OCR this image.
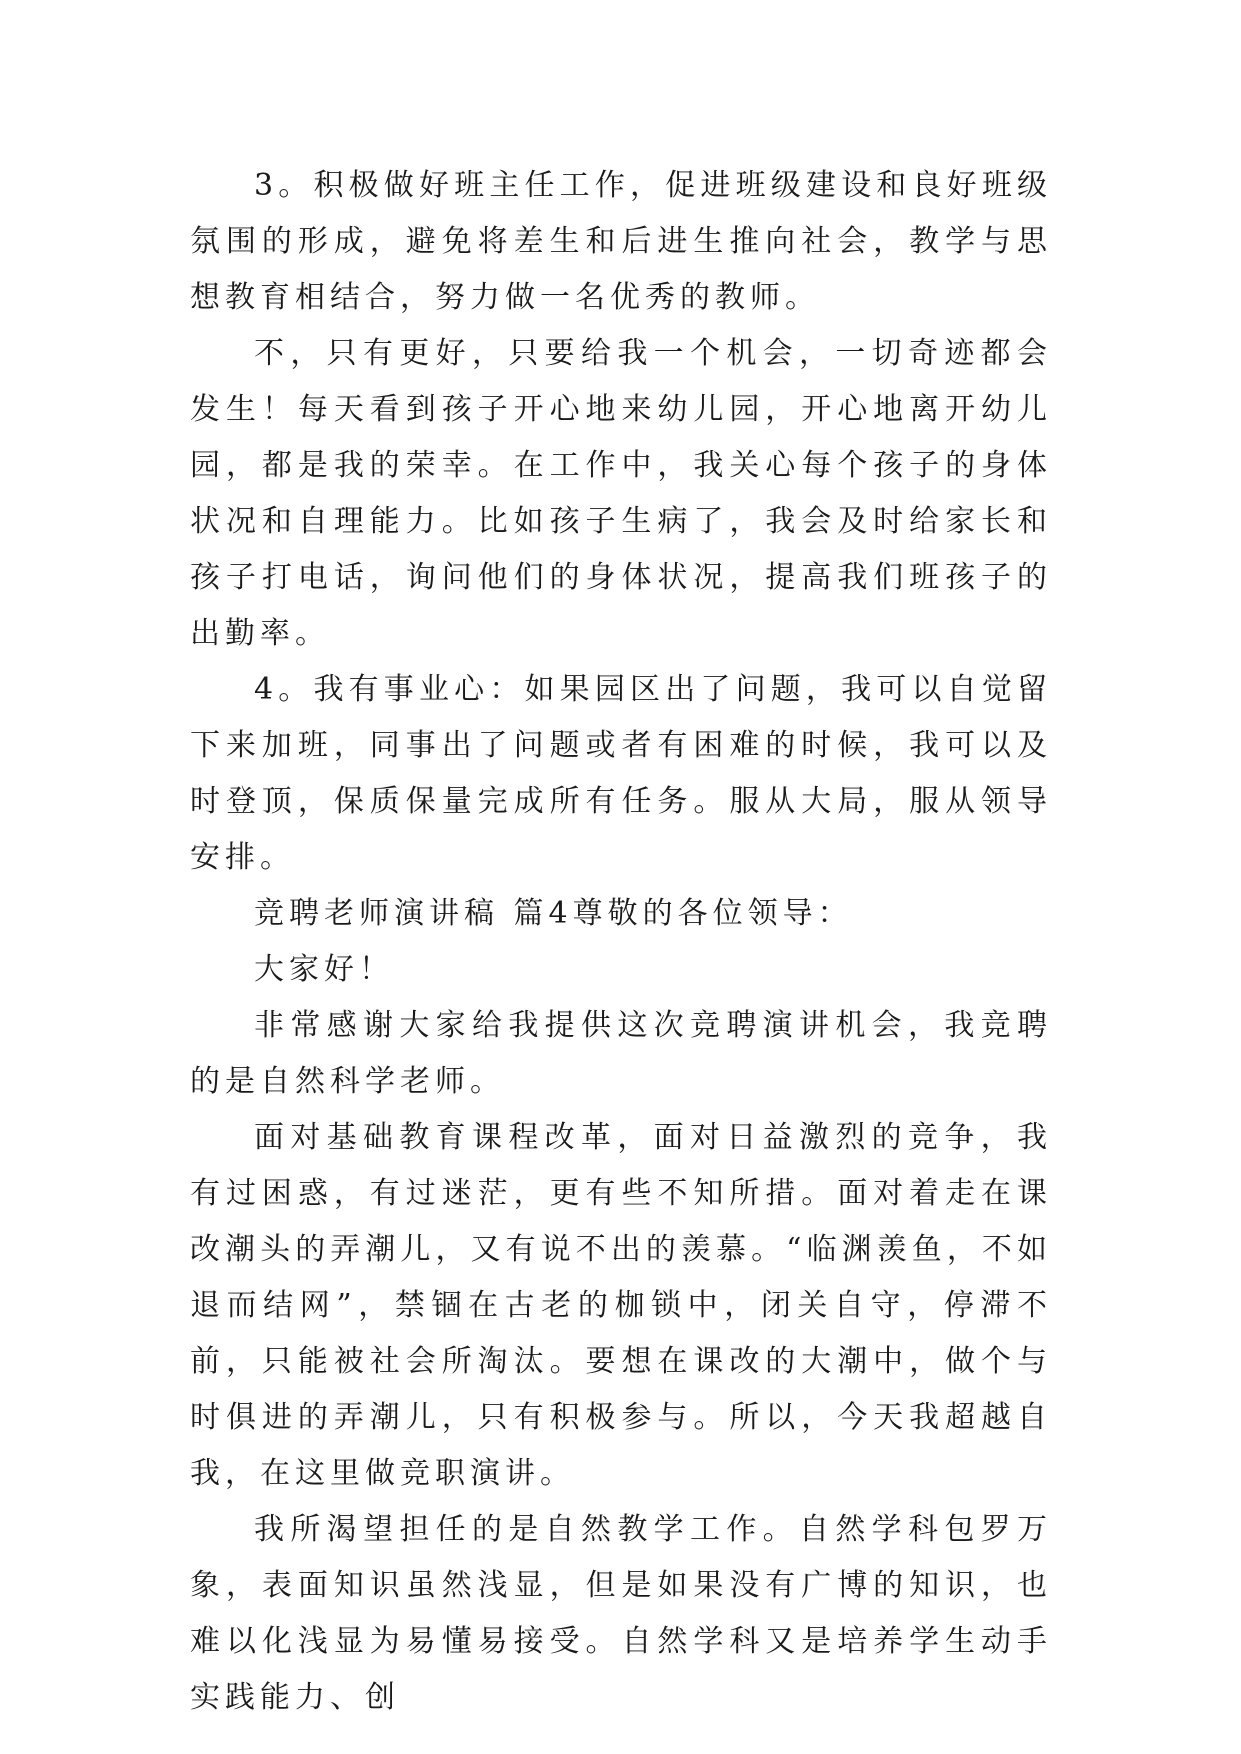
3。积极做好班主任工作，促进班级建设和良好班级氛围的形成，避免将差生和后进生推向社会，教学与思想教育相结合，努力做一名优秀的教师。

不，只有更好，只要给我一个机会，一切奇迹都会发生！每天看到孩子开心地来幼儿园，开心地离开幼儿园，都是我的荣幸。在工作中，我关心每个孩子的身体状况和自理能力。比如孩子生病了，我会及时给家长和孩子打电话，询问他们的身体状况，提高我们班孩子的出勤率。

4。我有事业心：如果园区出了问题，我可以自觉留下来加班，同事出了问题或者有困难的时候，我可以及时登顶，保质保量完成所有任务。服从大局，服从领导安排。

竞聘老师演讲稿 篇4尊敬的各位领导：

大家好！

非常感谢大家给我提供这次竞聘演讲机会，我竞聘的是自然科学老师。

面对基础教育课程改革，面对日益激烈的竞争，我有过困惑，有过迷茫，更有些不知所措。面对着走在课改潮头的弄潮儿，又有说不出的羡慕。“临渊羡鱼，不如退而结网”，禁锢在古老的枷锁中，闭关自守，停滞不前，只能被社会所淘汰。要想在课改的大潮中，做个与时俱进的弄潮儿，只有积极参与。所以，今天我超越自我，在这里做竞职演讲。

我所渴望担任的是自然教学工作。自然学科包罗万象，表面知识虽然浅显，但是如果没有广博的知识，也难以化浅显为易懂易接受。自然学科又是培养学生动手实践能力、创
